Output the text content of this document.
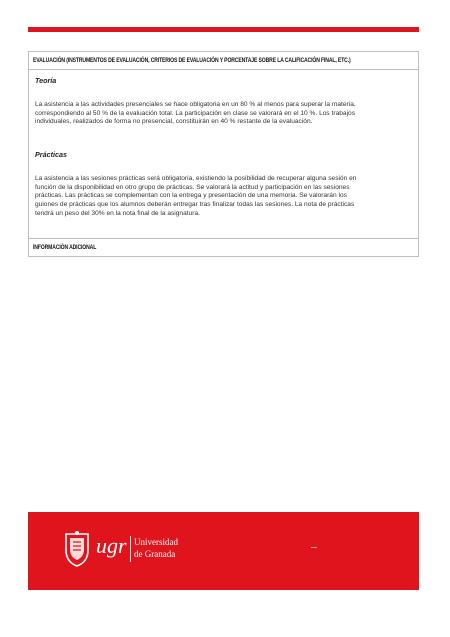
EVALUACIÓN (INSTRUMENTOS DE EVALUACIÓN, CRITERIOS DE EVALUACIÓN Y PORCENTAJE SOBRE LA CALIFICACIÓN FINAL, ETC.)
Teoría
La asistencia a las actividades presenciales se hace obligatoria en un 80 % al menos para superar la materia,
correspondiendo al 50 % de la evaluación total. La participación en clase se valorará en el 10 %. Los trabajos
individuales, realizados de forma no presencial, constituirán en 40 % restante de la evaluación.
Prácticas
La asistencia a las sesiones prácticas será obligatoria, existiendo la posibilidad de recuperar alguna sesión en
función de la disponibilidad en otro grupo de prácticas. Se valorará la actitud y participación en las sesiones
prácticas. Las prácticas se complementan con la entrega y presentación de una memoria. Se valorarán los
guiones de prácticas que los alumnos deberán entregar tras finalizar todas las sesiones. La nota de prácticas
tendrá un peso del 30% en la nota final de la asignatura.
INFORMACIÓN ADICIONAL
ugr Universidad
de Granada
